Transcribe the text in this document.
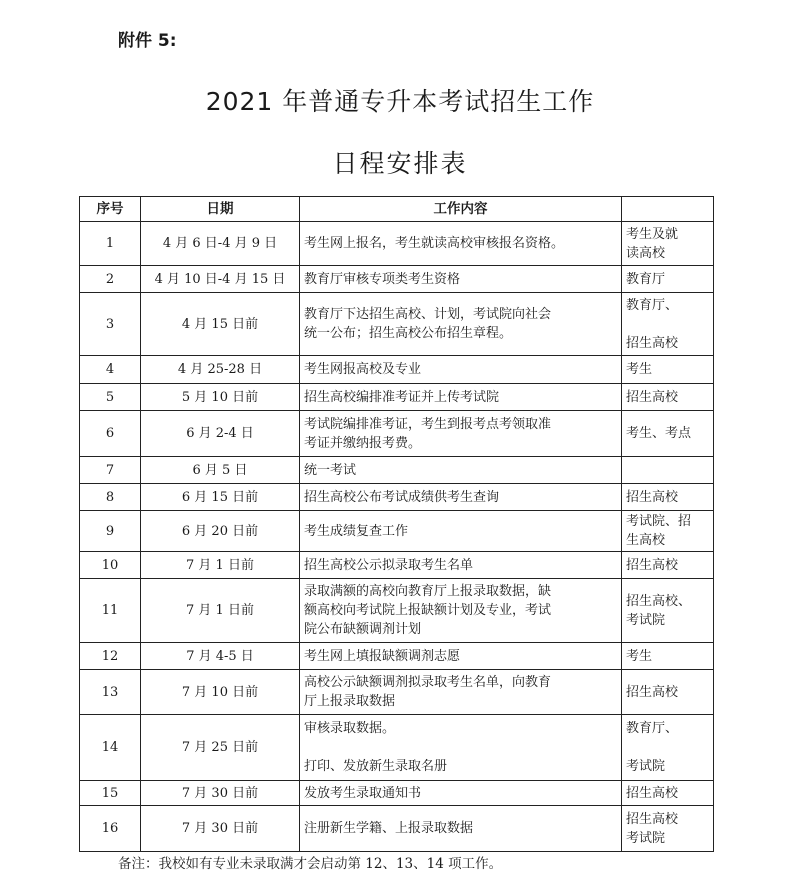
附件 5:
2021 年普通专升本考试招生工作
日程安排表
序号	日期	工作内容	
1	4 月 6 日-4 月 9 日	考生网上报名，考生就读高校审核报名资格。	考生及就
读高校
2	4 月 10 日-4 月 15 日	教育厅审核专项类考生资格	教育厅
3	4 月 15 日前	教育厅下达招生高校、计划，考试院向社会
统一公布；招生高校公布招生章程。	教育厅、

招生高校
4	4 月 25-28 日	考生网报高校及专业	考生
5	5 月 10 日前	招生高校编排准考证并上传考试院	招生高校
6	6 月 2-4 日	考试院编排准考证，考生到报考点考领取准
考证并缴纳报考费。	考生、考点
7	6 月 5 日	统一考试	
8	6 月 15 日前	招生高校公布考试成绩供考生查询	招生高校
9	6 月 20 日前	考生成绩复查工作	考试院、招
生高校
10	7 月 1 日前	招生高校公示拟录取考生名单	招生高校
11	7 月 1 日前	录取满额的高校向教育厅上报录取数据，缺
额高校向考试院上报缺额计划及专业，考试
院公布缺额调剂计划	招生高校、
考试院
12	7 月 4-5 日	考生网上填报缺额调剂志愿	考生
13	7 月 10 日前	高校公示缺额调剂拟录取考生名单，向教育
厅上报录取数据	招生高校
14	7 月 25 日前	审核录取数据。

打印、发放新生录取名册	教育厅、

考试院
15	7 月 30 日前	发放考生录取通知书	招生高校
16	7 月 30 日前	注册新生学籍、上报录取数据	招生高校
考试院
备注：我校如有专业未录取满才会启动第 12、13、14 项工作。
